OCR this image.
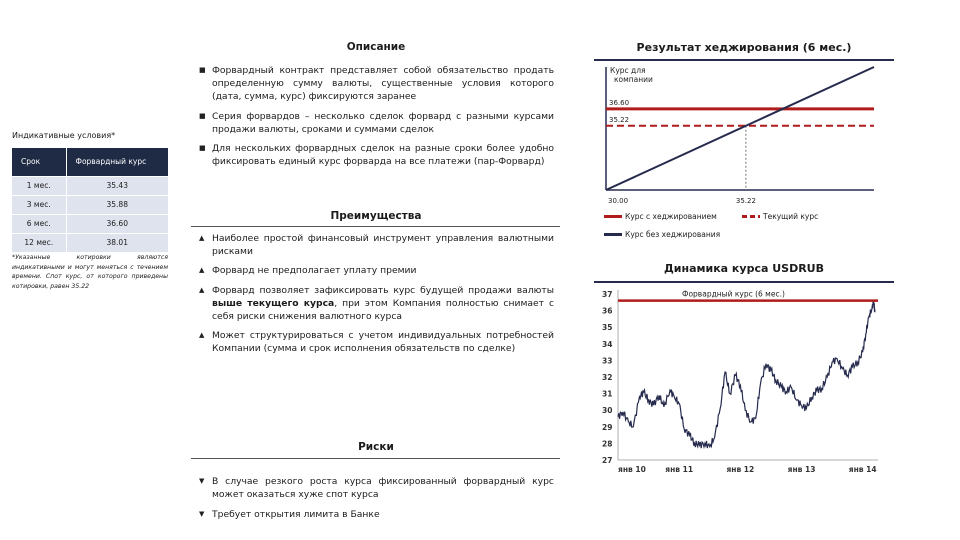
Индикативные условия*
Срок	Форвардный курс
1 мес.	35.43
3 мес.	35.88
6 мес.	36.60
12 мес.	38.01
*Указанные котировки являются индикативными и могут меняться с течением времени. Спот курс, от которого приведены котировки, равен 35.22
Описание
■ Форвардный контракт представляет собой обязательство продать определенную сумму валюты, существенные условия которого (дата, сумма, курс) фиксируются заранее
■ Серия форвардов – несколько сделок форвард с разными курсами продажи валюты, сроками и суммами сделок
■ Для нескольких форвардных сделок на разные сроки более удобно фиксировать единый курс форварда на все платежи (пар-Форвард)
Преимущества
▲ Наиболее простой финансовый инструмент управления валютными рисками
▲ Форвард не предполагает уплату премии
▲ Форвард позволяет зафиксировать курс будущей продажи валюты выше текущего курса, при этом Компания полностью снимает с себя риски снижения валютного курса
▲ Может структурироваться с учетом индивидуальных потребностей Компании (сумма и срок исполнения обязательств по сделке)
Риски
▼ В случае резкого роста курса фиксированный форвардный курс может оказаться хуже спот курса
▼ Требует открытия лимита в Банке
Результат хеджирования (6 мес.)
Курс для
компании
36.60
35.22
30.00	35.22
Курс с хеджированием	Текущий курс
Курс без хеджирования
Динамика курса USDRUB
27
28
29
30
31
32
33
34
35
36
37
янв 10	янв 11	янв 12	янв 13	янв 14
Форвардный курс (6 мес.)
